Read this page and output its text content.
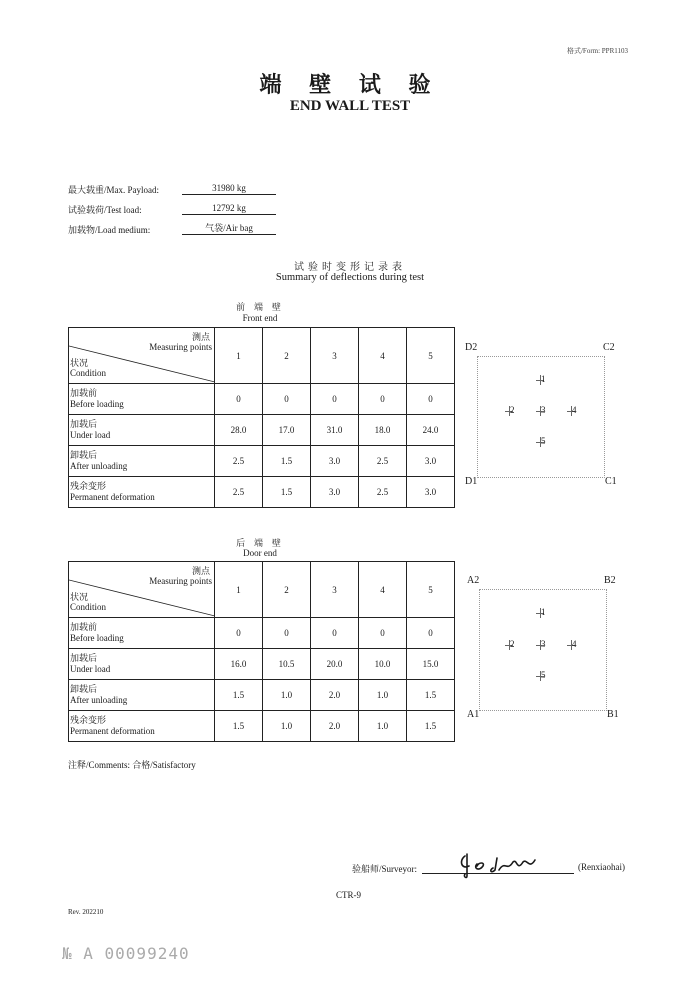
格式/Form: PPR1103
端 壁 试 验
END WALL TEST
最大载重/Max. Payload:	31980 kg
试验载荷/Test load:	12792 kg
加载物/Load medium:	气袋/Air bag
试验时变形记录表
Summary of deflections during test
前 端 壁
Front end
测点
Measuring points
状况
Condition	1	2	3	4	5
加载前
Before loading	0	0	0	0	0
加载后
Under load	28.0	17.0	31.0	18.0	24.0
卸载后
After unloading	2.5	1.5	3.0	2.5	3.0
残余变形
Permanent deformation	2.5	1.5	3.0	2.5	3.0
D2	C2
D1	C1
1
2	3	4
5
后 端 壁
Door end
测点
Measuring points
状况
Condition	1	2	3	4	5
加载前
Before loading	0	0	0	0	0
加载后
Under load	16.0	10.5	20.0	10.0	15.0
卸载后
After unloading	1.5	1.0	2.0	1.0	1.5
残余变形
Permanent deformation	1.5	1.0	2.0	1.0	1.5
A2	B2
A1	B1
1
2	3	4
5
注释/Comments: 合格/Satisfactory
验船师/Surveyor:	(Renxiaohai)
CTR-9
Rev. 202210
№ A 00099240
